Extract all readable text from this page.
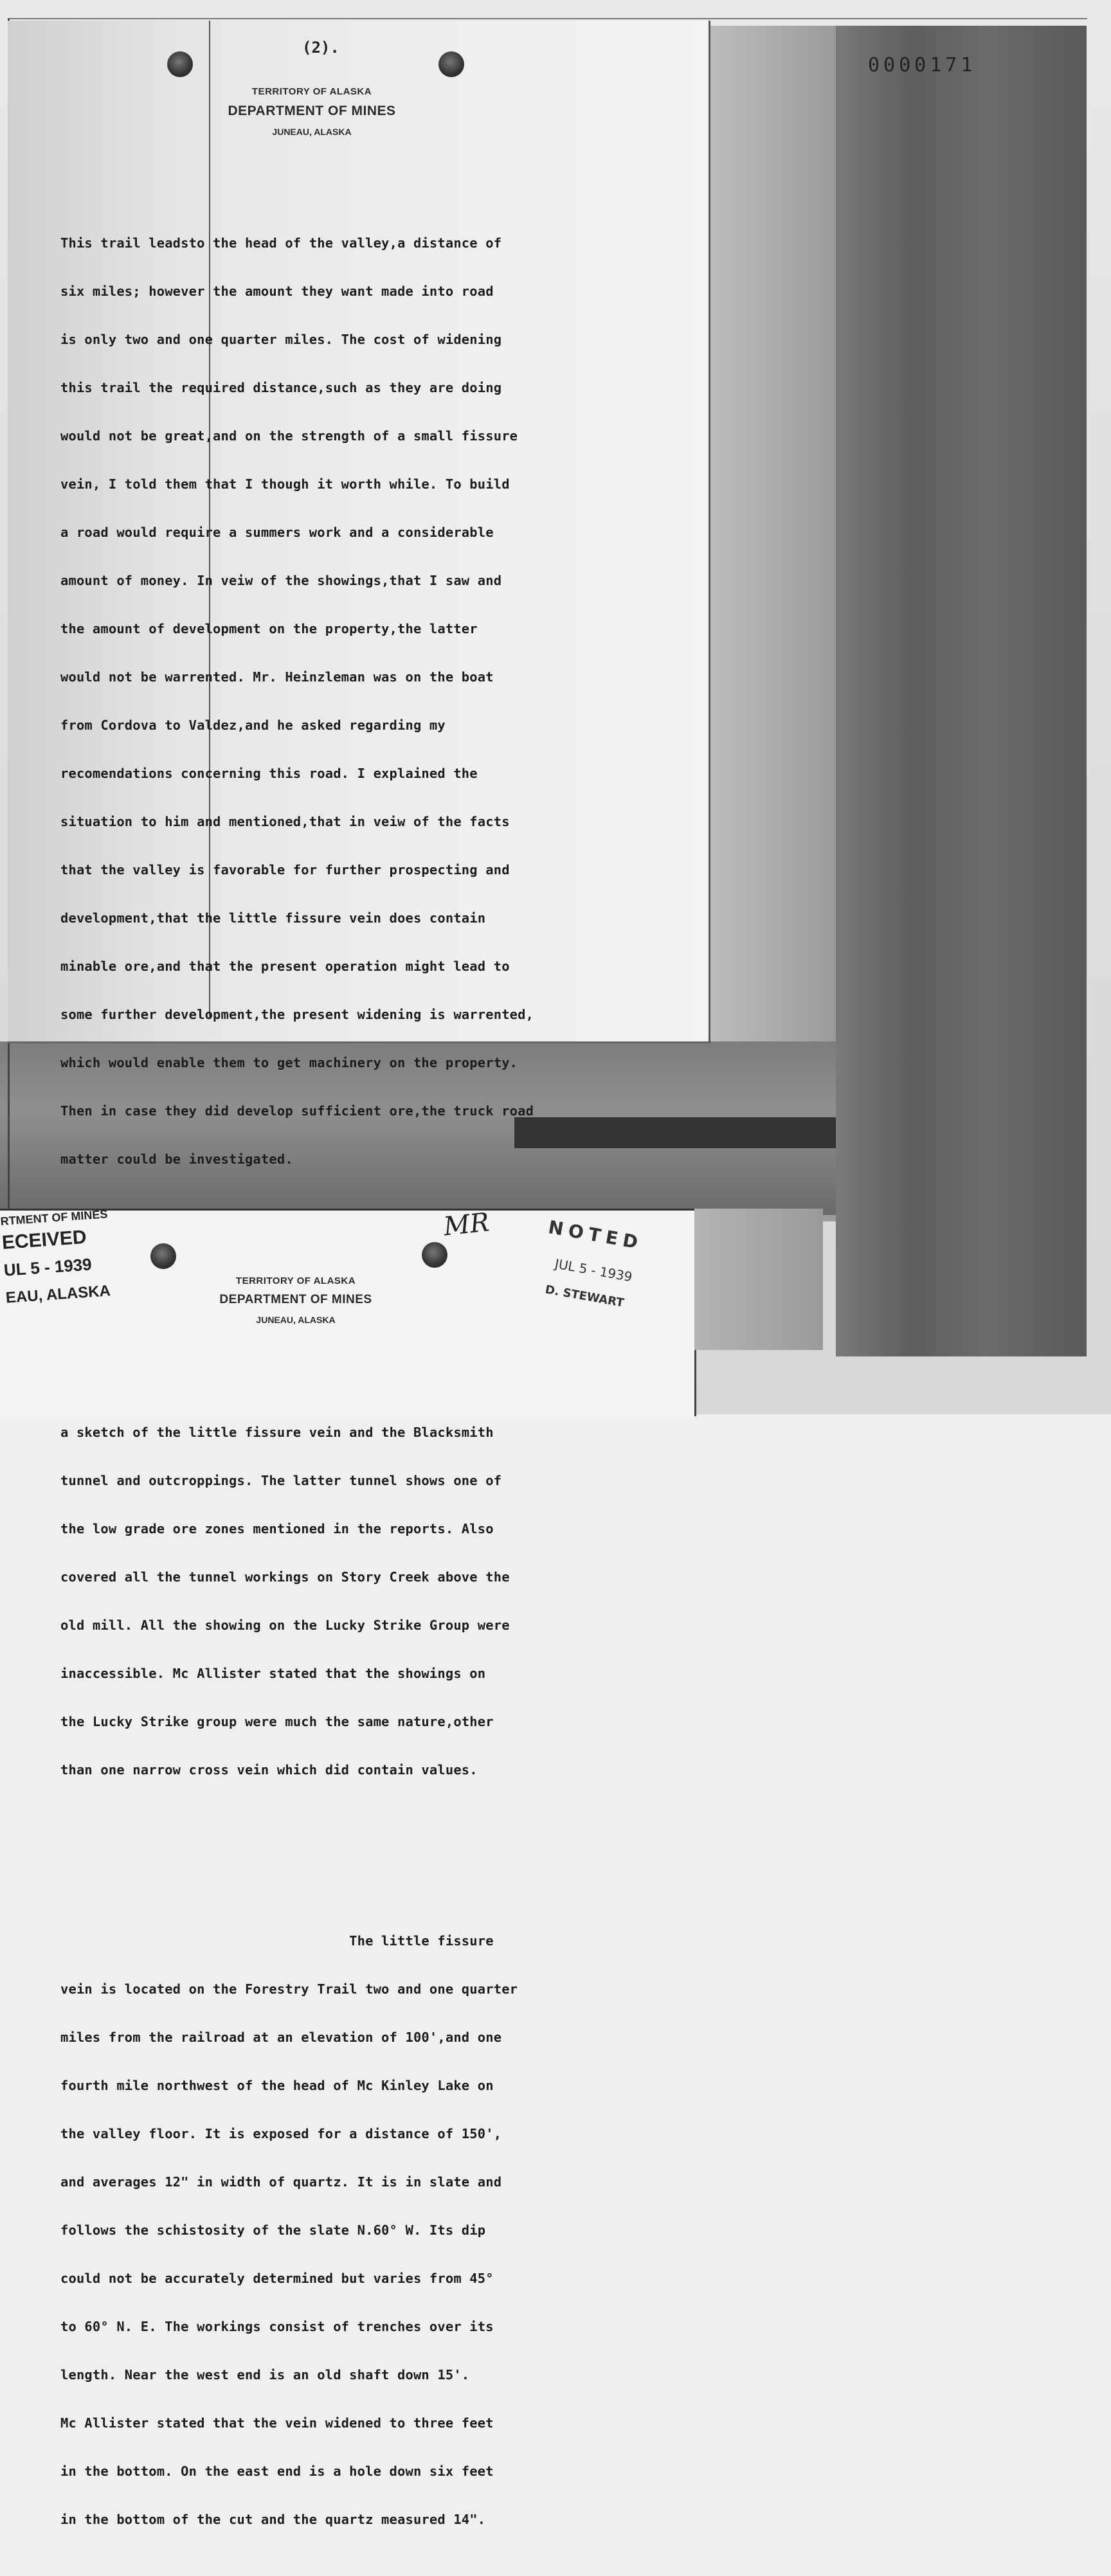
0000171
(2).
TERRITORY OF ALASKA
DEPARTMENT OF MINES
JUNEAU, ALASKA

This trail leadsto the head of the valley,a distance of

six miles; however the amount they want made into road

is only two and one quarter miles. The cost of widening

this trail the required distance,such as they are doing

would not be great,and on the strength of a small fissure

vein, I told them that I though it worth while. To build

a road would require a summers work and a considerable

amount of money. In veiw of the showings,that I saw and

the amount of development on the property,the latter

would not be warrented. Mr. Heinzleman was on the boat

from Cordova to Valdez,and he asked regarding my

recomendations concerning this road. I explained the

situation to him and mentioned,that in veiw of the facts

that the valley is favorable for further prospecting and

development,that the little fissure vein does contain

minable ore,and that the present operation might lead to

some further development,the present widening is warrented,

which would enable them to get machinery on the property.

Then in case they did develop sufficient ore,the truck road

matter could be investigated.

a sketch of the little fissure vein and the Blacksmith

tunnel and outcroppings. The latter tunnel shows one of

the low grade ore zones mentioned in the reports. Also

covered all the tunnel workings on Story Creek above the

old mill. All the showing on the Lucky Strike Group were

inaccessible. Mc Allister stated that the showings on

the Lucky Strike group were much the same nature,other

than one narrow cross vein which did contain values.

The little fissure

vein is located on the Forestry Trail two and one quarter

miles from the railroad at an elevation of 100',and one

fourth mile northwest of the head of Mc Kinley Lake on

the valley floor. It is exposed for a distance of 150',

and averages 12" in width of quartz. It is in slate and

follows the schistosity of the slate N.60° W. Its dip

could not be accurately determined but varies from 45°

to 60° N. E. The workings consist of trenches over its

length. Near the west end is an old shaft down 15'.

Mc Allister stated that the vein widened to three feet

in the bottom. On the east end is a hole down six feet

in the bottom of the cut and the quartz measured 14".

RTMENT OF MINES
ECEIVED
UL 5 - 1939
EAU, ALASKA
TERRITORY OF ALASKA
DEPARTMENT OF MINES
JUNEAU, ALASKA
MR	NOTED
JUL 5 - 1939
D. STEWART
